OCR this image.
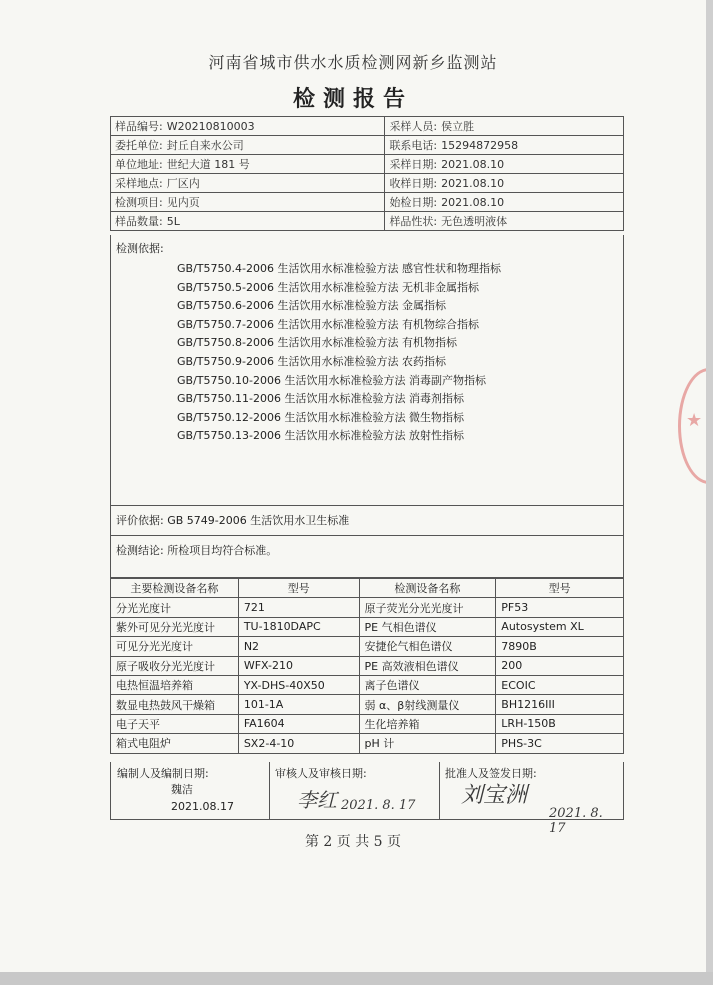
河南省城市供水水质检测网新乡监测站
检测报告
样品编号: W20210810003	采样人员: 侯立胜
委托单位: 封丘自来水公司	联系电话: 15294872958
单位地址: 世纪大道 181 号	采样日期: 2021.08.10
采样地点: 厂区内	收样日期: 2021.08.10
检测项目: 见内页	始检日期: 2021.08.10
样品数量: 5L	样品性状: 无色透明液体
检测依据:
GB/T5750.4-2006 生活饮用水标准检验方法 感官性状和物理指标
GB/T5750.5-2006 生活饮用水标准检验方法 无机非金属指标
GB/T5750.6-2006 生活饮用水标准检验方法 金属指标
GB/T5750.7-2006 生活饮用水标准检验方法 有机物综合指标
GB/T5750.8-2006 生活饮用水标准检验方法 有机物指标
GB/T5750.9-2006 生活饮用水标准检验方法 农药指标
GB/T5750.10-2006 生活饮用水标准检验方法 消毒副产物指标
GB/T5750.11-2006 生活饮用水标准检验方法 消毒剂指标
GB/T5750.12-2006 生活饮用水标准检验方法 微生物指标
GB/T5750.13-2006 生活饮用水标准检验方法 放射性指标
评价依据: GB 5749-2006 生活饮用水卫生标准
检测结论: 所检项目均符合标准。
主要检测设备名称	型号	检测设备名称	型号
分光光度计	721	原子荧光分光光度计	PF53
紫外可见分光光度计	TU-1810DAPC	PE 气相色谱仪	Autosystem XL
可见分光光度计	N2	安捷伦气相色谱仪	7890B
原子吸收分光光度计	WFX-210	PE 高效液相色谱仪	200
电热恒温培养箱	YX-DHS-40X50	离子色谱仪	ECOIC
数显电热鼓风干燥箱	101-1A	弱 α、β射线测量仪	BH1216III
电子天平	FA1604	生化培养箱	LRH-150B
箱式电阻炉	SX2-4-10	pH 计	PHS-3C
编制人及编制日期:
魏洁
2021.08.17
审核人及审核日期:
李红 2021. 8. 17
批准人及签发日期:
刘宝洲
2021. 8. 17
第 2 页 共 5 页
★
